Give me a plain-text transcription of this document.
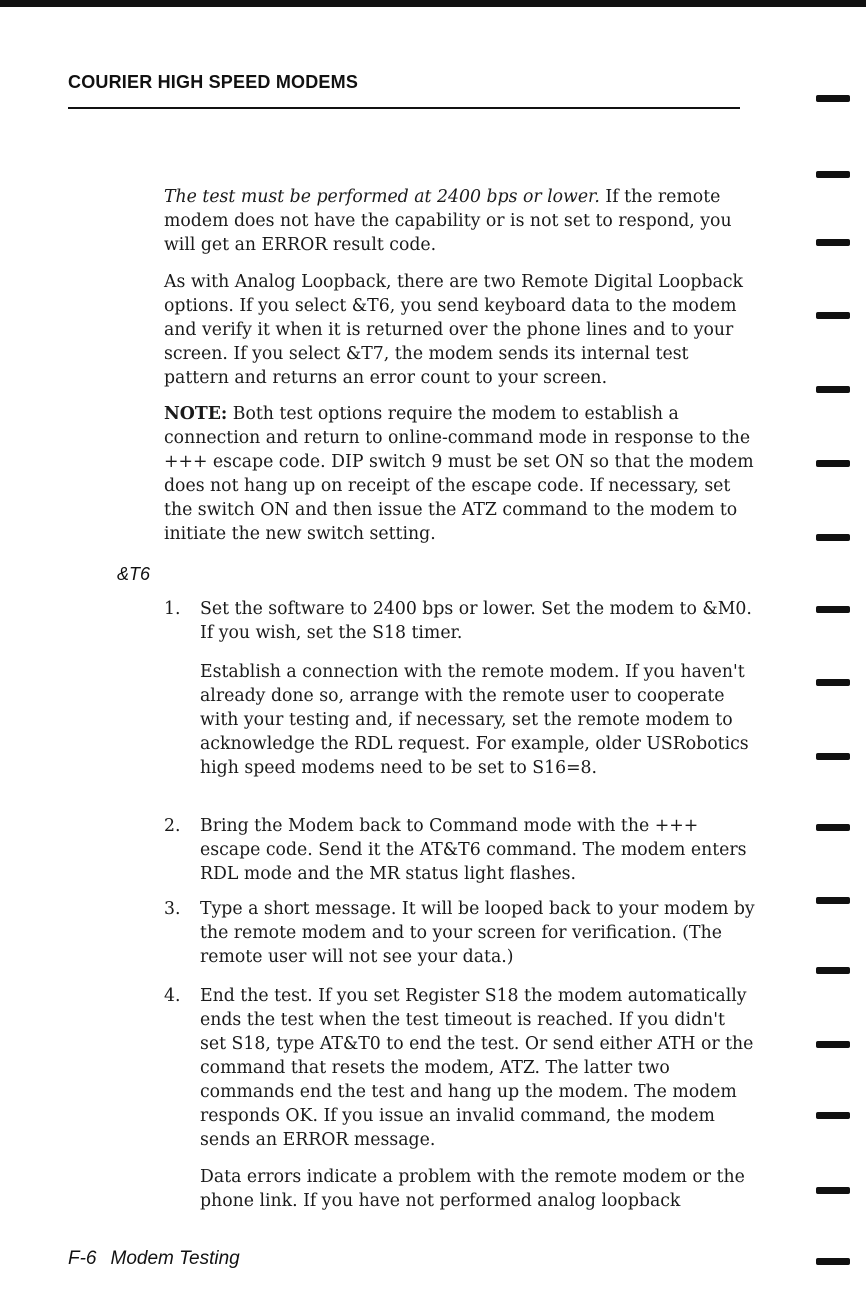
COURIER HIGH SPEED MODEMS

The test must be performed at 2400 bps or lower. If the remote modem does not have the capability or is not set to respond, you will get an ERROR result code.

As with Analog Loopback, there are two Remote Digital Loopback options. If you select &T6, you send keyboard data to the modem and verify it when it is returned over the phone lines and to your screen. If you select &T7, the modem sends its internal test pattern and returns an error count to your screen.

NOTE: Both test options require the modem to establish a connection and return to online-command mode in response to the +++ escape code. DIP switch 9 must be set ON so that the modem does not hang up on receipt of the escape code. If necessary, set the switch ON and then issue the ATZ command to the modem to initiate the new switch setting.

&T6
1. Set the software to 2400 bps or lower. Set the modem to &M0. If you wish, set the S18 timer.
Establish a connection with the remote modem. If you haven't already done so, arrange with the remote user to cooperate with your testing and, if necessary, set the remote modem to acknowledge the RDL request. For example, older USRobotics high speed modems need to be set to S16=8.
2. Bring the Modem back to Command mode with the +++ escape code. Send it the AT&T6 command. The modem enters RDL mode and the MR status light flashes.
3. Type a short message. It will be looped back to your modem by the remote modem and to your screen for verification. (The remote user will not see your data.)
4. End the test. If you set Register S18 the modem automatically ends the test when the test timeout is reached. If you didn't set S18, type AT&T0 to end the test. Or send either ATH or the command that resets the modem, ATZ. The latter two commands end the test and hang up the modem. The modem responds OK. If you issue an invalid command, the modem sends an ERROR message.
Data errors indicate a problem with the remote modem or the phone link. If you have not performed analog loopback
F-6 Modem Testing
